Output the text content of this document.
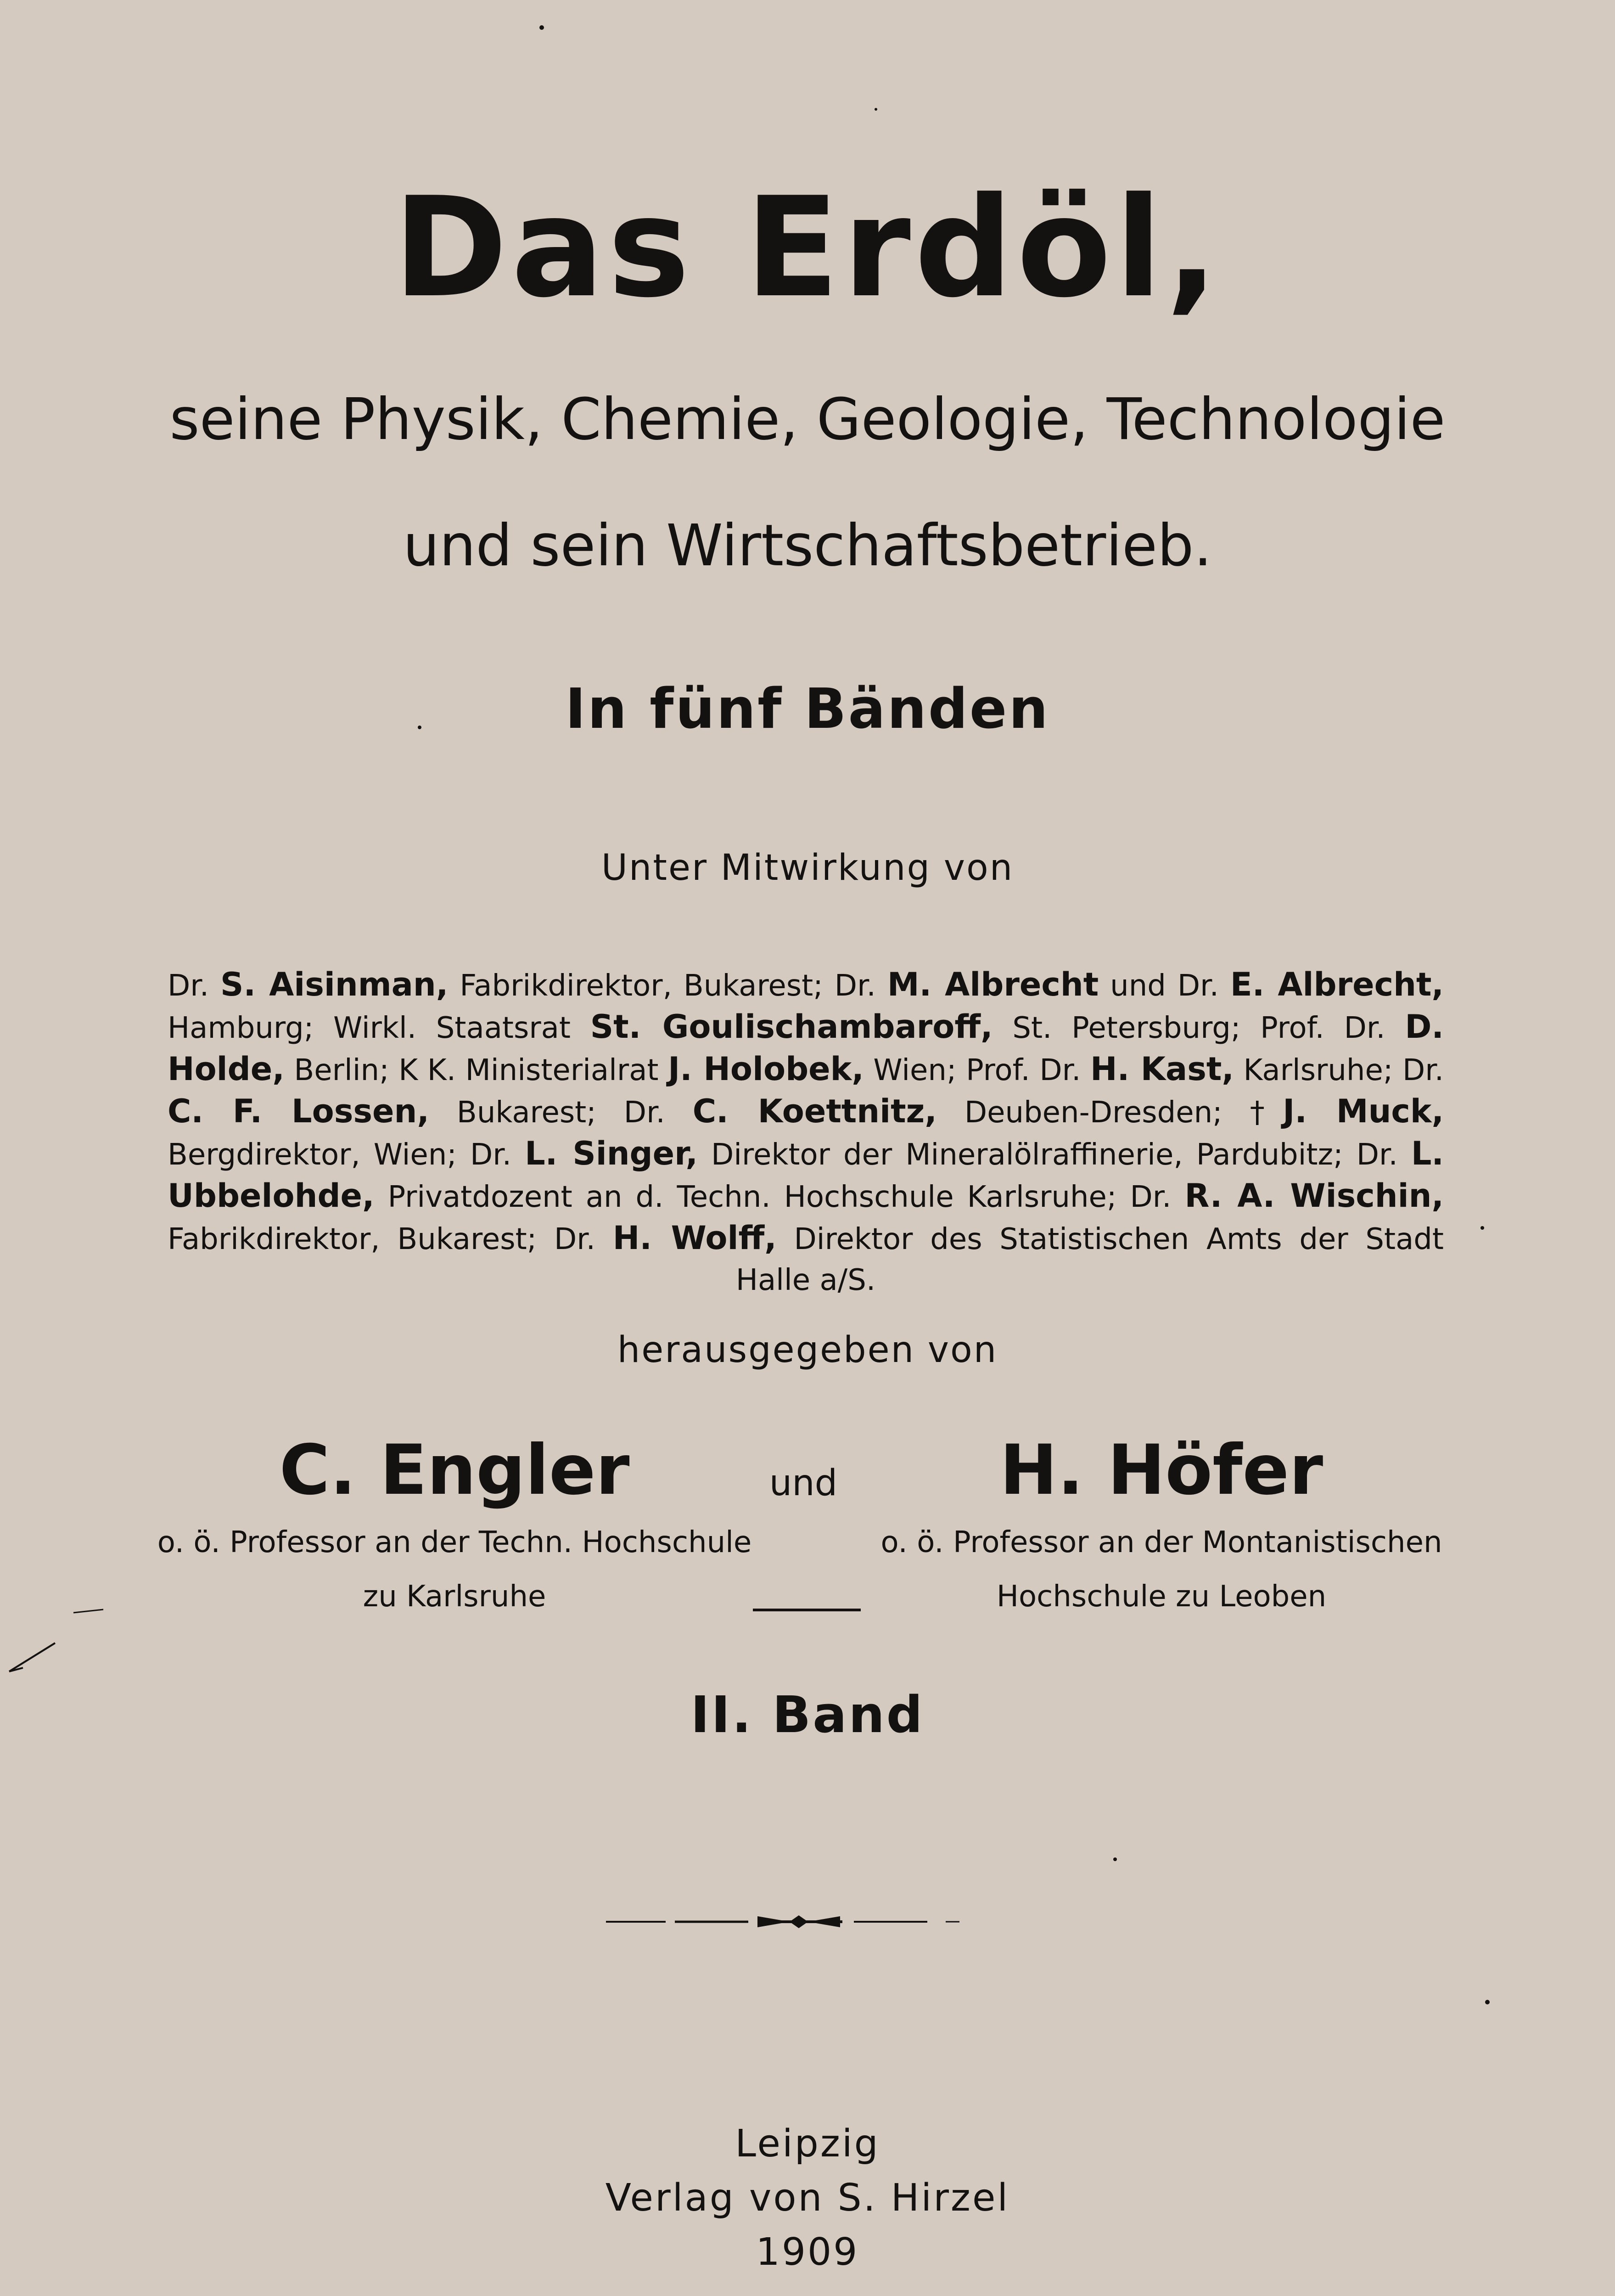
Das Erdöl,
seine Physik, Chemie, Geologie, Technologie
und sein Wirtschaftsbetrieb.
In fünf Bänden
Unter Mitwirkung von
Dr. S. Aisinman, Fabrikdirektor, Bukarest; Dr. M. Albrecht und Dr. E. Albrecht, Hamburg; Wirkl. Staatsrat St. Goulischambaroff, St. Petersburg; Prof. Dr. D. Holde, Berlin; K K. Ministerialrat J. Holobek, Wien; Prof. Dr. H. Kast, Karlsruhe; Dr. C. F. Lossen, Bukarest; Dr. C. Koettnitz, Deuben-Dresden; †J. Muck, Bergdirektor, Wien; Dr. L. Singer, Direktor der Mineralölraffinerie, Pardubitz; Dr. L. Ubbelohde, Privatdozent an d. Techn. Hochschule Karlsruhe; Dr. R. A. Wischin, Fabrikdirektor, Bukarest; Dr. H. Wolff, Direktor des Statistischen Amts der Stadt Halle a/S.
herausgegeben von
C. Engler
o. ö. Professor an der Techn. Hochschule
zu Karlsruhe
und	H. Höfer
o. ö. Professor an der Montanistischen
Hochschule zu Leoben
II. Band
Leipzig
Verlag von S. Hirzel
1909
